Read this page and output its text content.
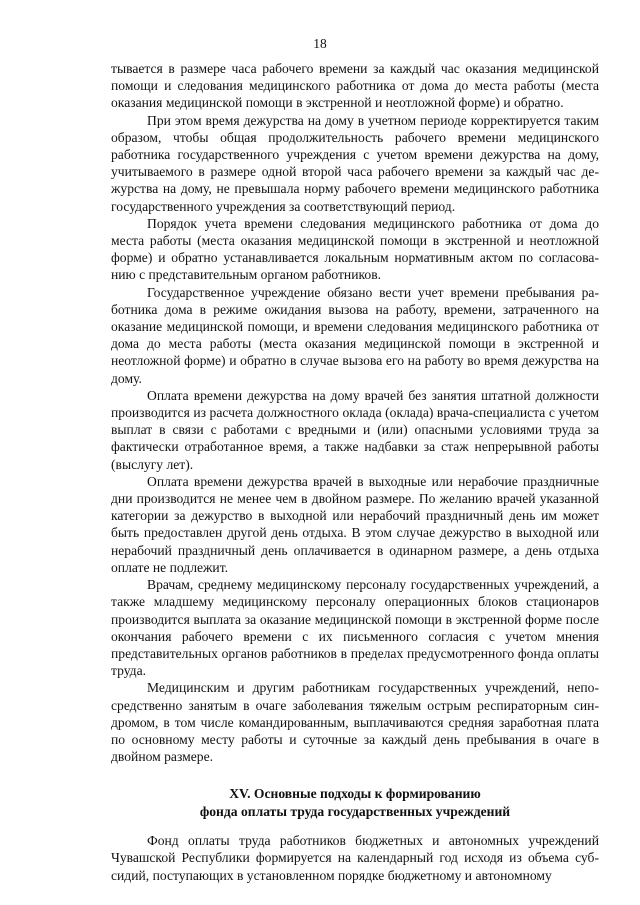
18

тывается в размере часа рабочего времени за каждый час оказания медицинской помощи и следования медицинского работника от дома до места работы (места оказания медицинской помощи в экстренной и неотложной форме) и обратно.

При этом время дежурства на дому в учетном периоде корректируется таким образом, чтобы общая продолжительность рабочего времени медицинского работника государственного учреждения с учетом времени дежурства на дому, учитываемого в размере одной второй часа рабочего времени за каждый час дежурства на дому, не превышала норму рабочего времени медицинского работника государственного учреждения за соответствующий период.

Порядок учета времени следования медицинского работника от дома до места работы (места оказания медицинской помощи в экстренной и неотложной форме) и обратно устанавливается локальным нормативным актом по согласованию с представительным органом работников.

Государственное учреждение обязано вести учет времени пребывания работника дома в режиме ожидания вызова на работу, времени, затраченного на оказание медицинской помощи, и времени следования медицинского работника от дома до места работы (места оказания медицинской помощи в экстренной и неотложной форме) и обратно в случае вызова его на работу во время дежурства на дому.

Оплата времени дежурства на дому врачей без занятия штатной должности производится из расчета должностного оклада (оклада) врача-специалиста с учетом выплат в связи с работами с вредными и (или) опасными условиями труда за фактически отработанное время, а также надбавки за стаж непрерывной работы (выслугу лет).

Оплата времени дежурства врачей в выходные или нерабочие праздничные дни производится не менее чем в двойном размере. По желанию врачей указанной категории за дежурство в выходной или нерабочий праздничный день им может быть предоставлен другой день отдыха. В этом случае дежурство в выходной или нерабочий праздничный день оплачивается в одинарном размере, а день отдыха оплате не подлежит.

Врачам, среднему медицинскому персоналу государственных учреждений, а также младшему медицинскому персоналу операционных блоков стационаров производится выплата за оказание медицинской помощи в экстренной форме после окончания рабочего времени с их письменного согласия с учетом мнения представительных органов работников в пределах предусмотренного фонда оплаты труда.

Медицинским и другим работникам государственных учреждений, непосредственно занятым в очаге заболевания тяжелым острым респираторным синдромом, в том числе командированным, выплачиваются средняя заработная плата по основному месту работы и суточные за каждый день пребывания в очаге в двойном размере.

XV. Основные подходы к формированию
фонда оплаты труда государственных учреждений

Фонд оплаты труда работников бюджетных и автономных учреждений Чувашской Республики формируется на календарный год исходя из объема субсидий, поступающих в установленном порядке бюджетному и автономному
